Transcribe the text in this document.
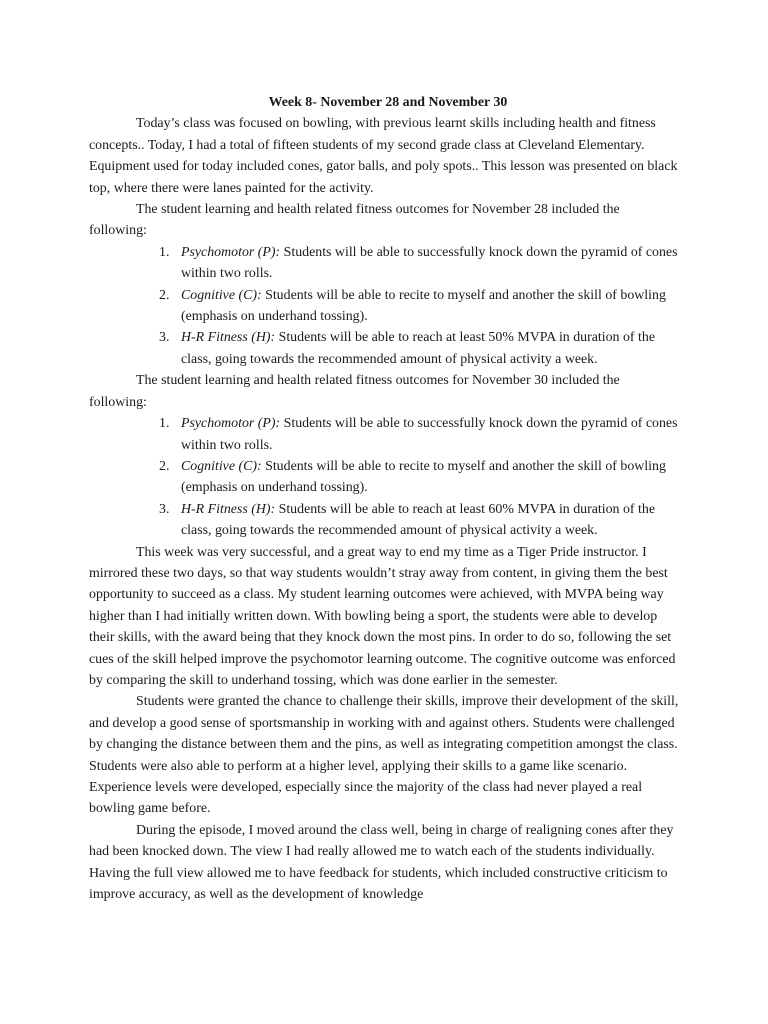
Week 8- November 28 and November 30

Today’s class was focused on bowling, with previous learnt skills including health and fitness concepts.. Today, I had a total of fifteen students of my second grade class at Cleveland Elementary. Equipment used for today included cones, gator balls, and poly spots.. This lesson was presented on black top, where there were lanes painted for the activity.

The student learning and health related fitness outcomes for November 28 included the following:

1. Psychomotor (P): Students will be able to successfully knock down the pyramid of cones within two rolls.
2. Cognitive (C): Students will be able to recite to myself and another the skill of bowling (emphasis on underhand tossing).
3. H-R Fitness (H): Students will be able to reach at least 50% MVPA in duration of the class, going towards the recommended amount of physical activity a week.

The student learning and health related fitness outcomes for November 30 included the following:

1. Psychomotor (P): Students will be able to successfully knock down the pyramid of cones within two rolls.
2. Cognitive (C): Students will be able to recite to myself and another the skill of bowling (emphasis on underhand tossing).
3. H-R Fitness (H): Students will be able to reach at least 60% MVPA in duration of the class, going towards the recommended amount of physical activity a week.

This week was very successful, and a great way to end my time as a Tiger Pride instructor. I mirrored these two days, so that way students wouldn’t stray away from content, in giving them the best opportunity to succeed as a class. My student learning outcomes were achieved, with MVPA being way higher than I had initially written down. With bowling being a sport, the students were able to develop their skills, with the award being that they knock down the most pins. In order to do so, following the set cues of the skill helped improve the psychomotor learning outcome. The cognitive outcome was enforced by comparing the skill to underhand tossing, which was done earlier in the semester.

Students were granted the chance to challenge their skills, improve their development of the skill, and develop a good sense of sportsmanship in working with and against others. Students were challenged by changing the distance between them and the pins, as well as integrating competition amongst the class. Students were also able to perform at a higher level, applying their skills to a game like scenario. Experience levels were developed, especially since the majority of the class had never played a real bowling game before.

During the episode, I moved around the class well, being in charge of realigning cones after they had been knocked down. The view I had really allowed me to watch each of the students individually. Having the full view allowed me to have feedback for students, which included constructive criticism to improve accuracy, as well as the development of knowledge
